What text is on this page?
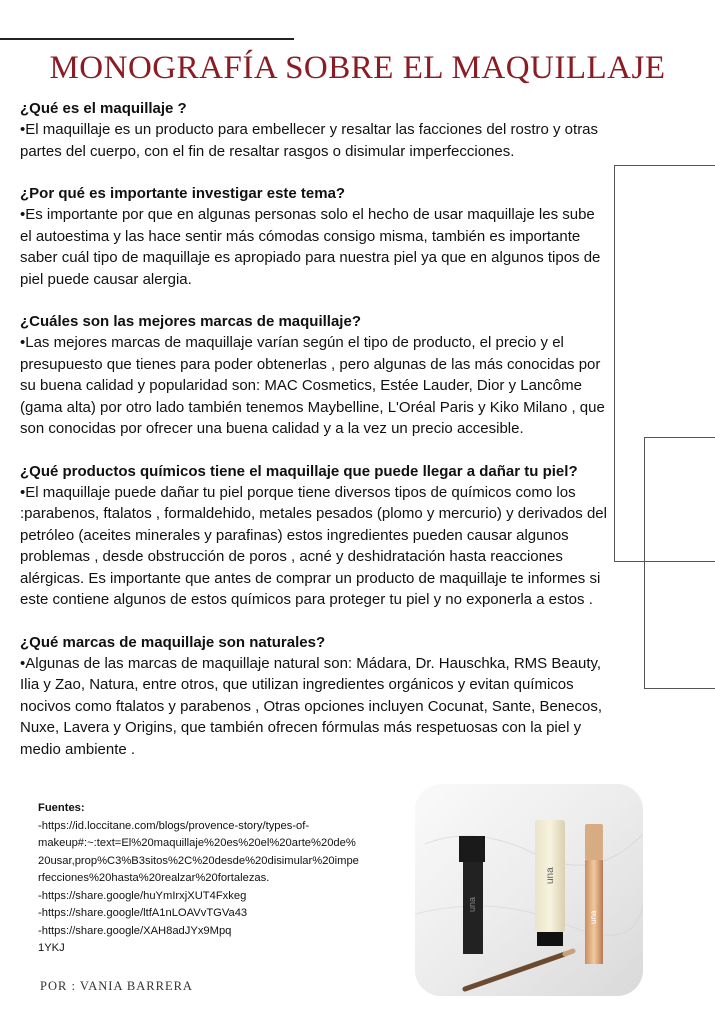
MONOGRAFÍA SOBRE EL MAQUILLAJE

¿Qué es el maquillaje ?

•El maquillaje es un producto para embellecer y resaltar las facciones del rostro y otras partes del cuerpo, con el fin de resaltar rasgos o disimular imperfecciones.

¿Por qué es importante investigar este tema?

•Es importante por que en algunas personas solo el hecho de usar maquillaje les sube el autoestima y las hace sentir más cómodas consigo misma, también es importante saber cuál tipo de maquillaje es apropiado para nuestra piel ya que en algunos tipos de piel puede causar alergia.

¿Cuáles son las mejores marcas de maquillaje?

•Las mejores marcas de maquillaje varían según el tipo de producto, el precio y el presupuesto que tienes para poder obtenerlas , pero algunas de las más conocidas por su buena calidad y popularidad son: MAC Cosmetics, Estée Lauder, Dior y Lancôme (gama alta) por otro lado también tenemos Maybelline, L'Oréal Paris y Kiko Milano , que son conocidas por ofrecer una buena calidad y a la vez un precio accesible.

¿Qué productos químicos tiene el maquillaje que puede llegar a dañar tu piel?

•El maquillaje puede dañar tu piel porque tiene diversos tipos de químicos como los :parabenos, ftalatos , formaldehido, metales pesados (plomo y mercurio) y derivados del petróleo (aceites minerales y parafinas) estos ingredientes pueden causar algunos problemas , desde obstrucción de poros , acné y deshidratación hasta reacciones alérgicas. Es importante que antes de comprar un producto de maquillaje te informes si este contiene algunos de estos químicos para proteger tu piel y no exponerla a estos .

¿Qué marcas de maquillaje son naturales?

•Algunas de las marcas de maquillaje natural son: Mádara, Dr. Hauschka, RMS Beauty, Ilia y Zao, Natura, entre otros, que utilizan ingredientes orgánicos y evitan químicos nocivos como ftalatos y parabenos , Otras opciones incluyen Cocunat, Sante, Benecos, Nuxe, Lavera y Origins, que también ofrecen fórmulas más respetuosas con la piel y medio ambiente .

Fuentes:
-https://id.loccitane.com/blogs/provence-story/types-of-
makeup#:~:text=El%20maquillaje%20es%20el%20arte%20de%
20usar,prop%C3%B3sitos%2C%20desde%20disimular%20impe
rfecciones%20hasta%20realzar%20fortalezas.
-https://share.google/huYmIrxjXUT4Fxkeg
-https://share.google/ltfA1nLOAVvTGVa43
-https://share.google/XAH8adJYx9Mpq
1YKJ
POR : VANIA BARRERA
una
una
una
